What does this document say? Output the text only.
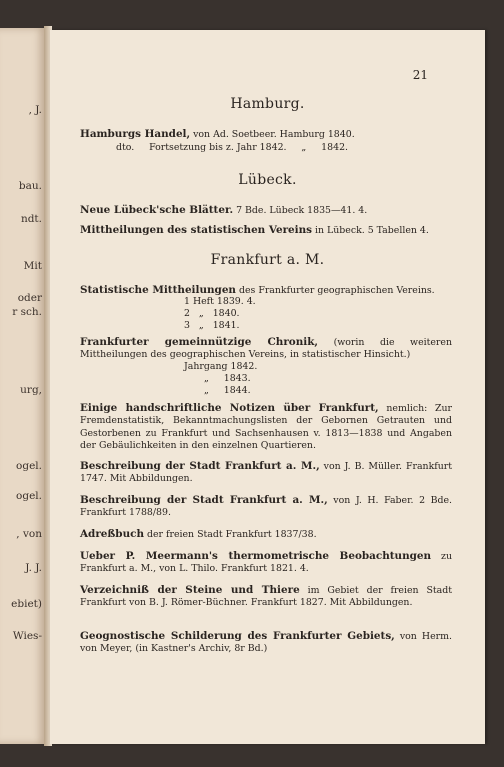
, J.
bau.
ndt.
Mit
oder
r sch.
urg,
ogel.
ogel.
, von
J. J.
ebiet)
Wies-
21
Hamburg.
Hamburgs Handel, von Ad. Soetbeer. Hamburg 1840.
dto.     Fortsetzung bis z. Jahr 1842.     „     1842.
Lübeck.
Neue Lübeck'sche Blätter. 7 Bde. Lübeck 1835—41. 4.
Mittheilungen des statistischen Vereins in Lübeck. 5 Tabellen 4.
Frankfurt a. M.
Statistische Mittheilungen des Frankfurter geographischen Vereins.
1 Heft 1839. 4.
2   „   1840.
3   „   1841.
Frankfurter gemeinnützige Chronik, (worin die weiteren Mittheilungen des geographischen Vereins, in statistischer Hinsicht.)
Jahrgang 1842.
„     1843.
„     1844.
Einige handschriftliche Notizen über Frankfurt, nemlich: Zur Fremdenstatistik, Bekanntmachungslisten der Gebornen Getrauten und Gestorbenen zu Frankfurt und Sachsenhausen v. 1813—1838 und Angaben der Gebäulichkeiten in den einzelnen Quartieren.
Beschreibung der Stadt Frankfurt a. M., von J. B. Müller. Frankfurt 1747. Mit Abbildungen.
Beschreibung der Stadt Frankfurt a. M., von J. H. Faber. 2 Bde. Frankfurt 1788/89.
Adreßbuch der freien Stadt Frankfurt 1837/38.
Ueber P. Meermann's thermometrische Beobachtungen zu Frankfurt a. M., von L. Thilo. Frankfurt 1821. 4.
Verzeichniß der Steine und Thiere im Gebiet der freien Stadt Frankfurt von B. J. Römer-Büchner. Frankfurt 1827. Mit Abbildungen.
Geognostische Schilderung des Frankfurter Gebiets, von Herm. von Meyer, (in Kastner's Archiv, 8r Bd.)
